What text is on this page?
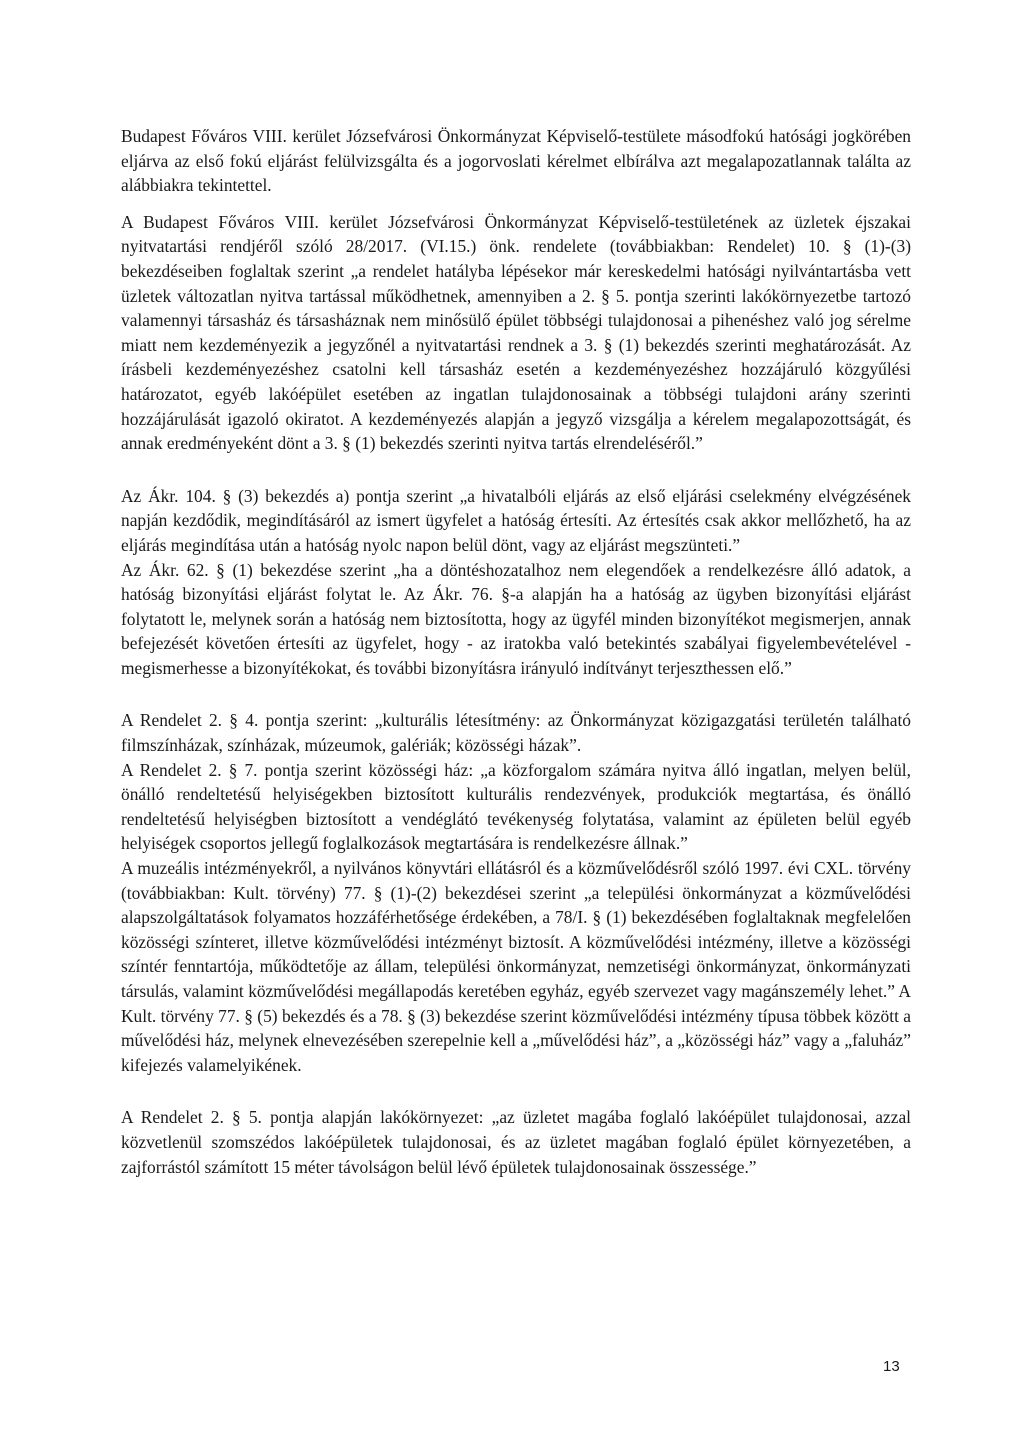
Budapest Főváros VIII. kerület Józsefvárosi Önkormányzat Képviselő-testülete másodfokú hatósági jogkörében eljárva az első fokú eljárást felülvizsgálta és a jogorvoslati kérelmet elbírálva azt megalapozatlannak találta az alábbiakra tekintettel.

A Budapest Főváros VIII. kerület Józsefvárosi Önkormányzat Képviselő-testületének az üzletek éjszakai nyitvatartási rendjéről szóló 28/2017. (VI.15.) önk. rendelete (továbbiakban: Rendelet) 10. § (1)-(3) bekezdéseiben foglaltak szerint „a rendelet hatályba lépésekor már kereskedelmi hatósági nyilvántartásba vett üzletek változatlan nyitva tartással működhetnek, amennyiben a 2. § 5. pontja szerinti lakókörnyezetbe tartozó valamennyi társasház és társasháznak nem minősülő épület többségi tulajdonosai a pihenéshez való jog sérelme miatt nem kezdeményezik a jegyzőnél a nyitvatartási rendnek a 3. § (1) bekezdés szerinti meghatározását. Az írásbeli kezdeményezéshez csatolni kell társasház esetén a kezdeményezéshez hozzájáruló közgyűlési határozatot, egyéb lakóépület esetében az ingatlan tulajdonosainak a többségi tulajdoni arány szerinti hozzájárulását igazoló okiratot. A kezdeményezés alapján a jegyző vizsgálja a kérelem megalapozottságát, és annak eredményeként dönt a 3. § (1) bekezdés szerinti nyitva tartás elrendeléséről.”

Az Ákr. 104. § (3) bekezdés a) pontja szerint „a hivatalbóli eljárás az első eljárási cselekmény elvégzésének napján kezdődik, megindításáról az ismert ügyfelet a hatóság értesíti. Az értesítés csak akkor mellőzhető, ha az eljárás megindítása után a hatóság nyolc napon belül dönt, vagy az eljárást megszünteti.”

Az Ákr. 62. § (1) bekezdése szerint „ha a döntéshozatalhoz nem elegendőek a rendelkezésre álló adatok, a hatóság bizonyítási eljárást folytat le. Az Ákr. 76. §-a alapján ha a hatóság az ügyben bizonyítási eljárást folytatott le, melynek során a hatóság nem biztosította, hogy az ügyfél minden bizonyítékot megismerjen, annak befejezését követően értesíti az ügyfelet, hogy - az iratokba való betekintés szabályai figyelembevételével - megismerhesse a bizonyítékokat, és további bizonyításra irányuló indítványt terjeszthessen elő.”

A Rendelet 2. § 4. pontja szerint: „kulturális létesítmény: az Önkormányzat közigazgatási területén található filmszínházak, színházak, múzeumok, galériák; közösségi házak”.

A Rendelet 2. § 7. pontja szerint közösségi ház: „a közforgalom számára nyitva álló ingatlan, melyen belül, önálló rendeltetésű helyiségekben biztosított kulturális rendezvények, produkciók megtartása, és önálló rendeltetésű helyiségben biztosított a vendéglátó tevékenység folytatása, valamint az épületen belül egyéb helyiségek csoportos jellegű foglalkozások megtartására is rendelkezésre állnak.”

A muzeális intézményekről, a nyilvános könyvtári ellátásról és a közművelődésről szóló 1997. évi CXL. törvény (továbbiakban: Kult. törvény) 77. § (1)-(2) bekezdései szerint „a települési önkormányzat a közművelődési alapszolgáltatások folyamatos hozzáférhetősége érdekében, a 78/I. § (1) bekezdésében foglaltaknak megfelelően közösségi színteret, illetve közművelődési intézményt biztosít. A közművelődési intézmény, illetve a közösségi színtér fenntartója, működtetője az állam, települési önkormányzat, nemzetiségi önkormányzat, önkormányzati társulás, valamint közművelődési megállapodás keretében egyház, egyéb szervezet vagy magánszemély lehet.” A Kult. törvény 77. § (5) bekezdés és a 78. § (3) bekezdése szerint közművelődési intézmény típusa többek között a művelődési ház, melynek elnevezésében szerepelnie kell a „művelődési ház”, a „közösségi ház” vagy a „faluház” kifejezés valamelyikének.

A Rendelet 2. § 5. pontja alapján lakókörnyezet: „az üzletet magába foglaló lakóépület tulajdonosai, azzal közvetlenül szomszédos lakóépületek tulajdonosai, és az üzletet magában foglaló épület környezetében, a zajforrástól számított 15 méter távolságon belül lévő épületek tulajdonosainak összessége.”

13
